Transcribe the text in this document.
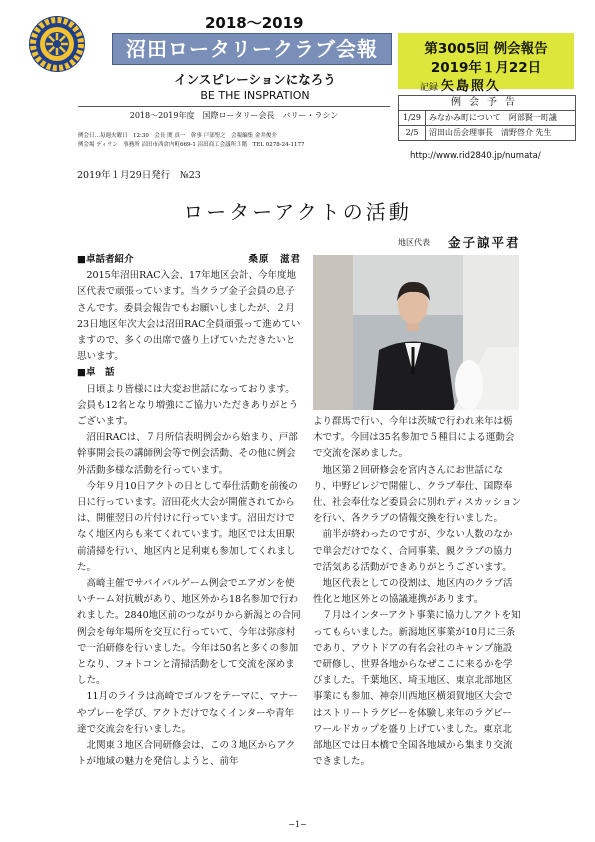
2018～2019
沼田ロータリークラブ会報
インスピレーションになろう
BE THE INSPRATION
2018～2019年度　国際ロータリー会長　バリー・ラシン
例会日…毎週火曜日　12:30　会長 関 真一　幹事 戸部聖之　会報編集 金井俊介
例会場 ディラン　事務所 沼田市西倉内町669-1 沼田商工会議所３階　TEL 0278-24-1177
第3005回 例会報告
2019年１月22日
記録 矢島照久
例会予告
1/29 みなかみ町について　阿部賢一町議
2/5 沼田山岳会理事長　清野啓介 先生
http://www.rid2840.jp/numata/
2019年１月29日発行　№23
ローターアクトの活動
地区代表 金子諒平君

■卓話者紹介	桑原　滋君

2015年沼田RAC入会、17年地区会計、今年度地区代表で頑張っています。当クラブ金子会員の息子さんです。委員会報告でもお願いしましたが、２月23日地区年次大会は沼田RAC全員頑張って進めていますので、多くの出席で盛り上げていただきたいと思います。

■卓　話

日頃より皆様には大変お世話になっております。会員も12名となり増強にご協力いただきありがとうございます。

沼田RACは、７月所信表明例会から始まり、戸部幹事開会長の講師例会等で例会活動、その他に例会外活動多様な活動を行っています。

今年９月10日アクトの日として奉仕活動を前後の日に行っています。沼田花火大会が開催されてからは、開催翌日の片付けに行っています。沼田だけでなく地区内らも来てくれています。地区では太田駅前清掃を行い、地区内と足利東も参加してくれました。

高崎主催でサバイバルゲーム例会でエアガンを使いチーム対抗戦があり、地区外から18名参加で行われました。2840地区前のつながりから新潟との合同例会を毎年場所を交互に行っていて、今年は弥彦村で一泊研修を行いました。今年は50名と多くの参加となり、フォトコンと清掃活動をして交流を深めました。

11月のライラは高崎でゴルフをテーマに、マナーやプレーを学び、アクトだけでなくインターや青年達で交流会を行いました。

北関東３地区合同研修会は、この３地区からアクトが地域の魅力を発信しようと、前年

より群馬で行い、今年は茨城で行われ来年は栃木です。今回は35名参加で５種目による運動会で交流を深めました。

地区第２回研修会を宮内さんにお世話になり、中野ビレジで開催し、クラブ奉仕、国際奉仕、社会奉仕など委員会に別れディスカッションを行い、各クラブの情報交換を行いました。

前半が終わったのですが、少ない人数のなかで単会だけでなく、合同事業、親クラブの協力で活気ある活動ができありがとうございます。

地区代表としての役割は、地区内のクラブ活性化と地区外との協議連携があります。

７月はインターアクト事業に協力しアクトを知ってもらいました。新潟地区事業が10月に三条であり、アウトドアの有名会社のキャンプ施設で研修し、世界各地からなぜここに来るかを学びました。千葉地区、埼玉地区、東京北部地区事業にも参加、神奈川西地区横須賀地区大会ではストリートラグビーを体験し来年のラグビーワールドカップを盛り上げていました。東京北部地区では日本橋で全国各地域から集まり交流できました。

−1−
